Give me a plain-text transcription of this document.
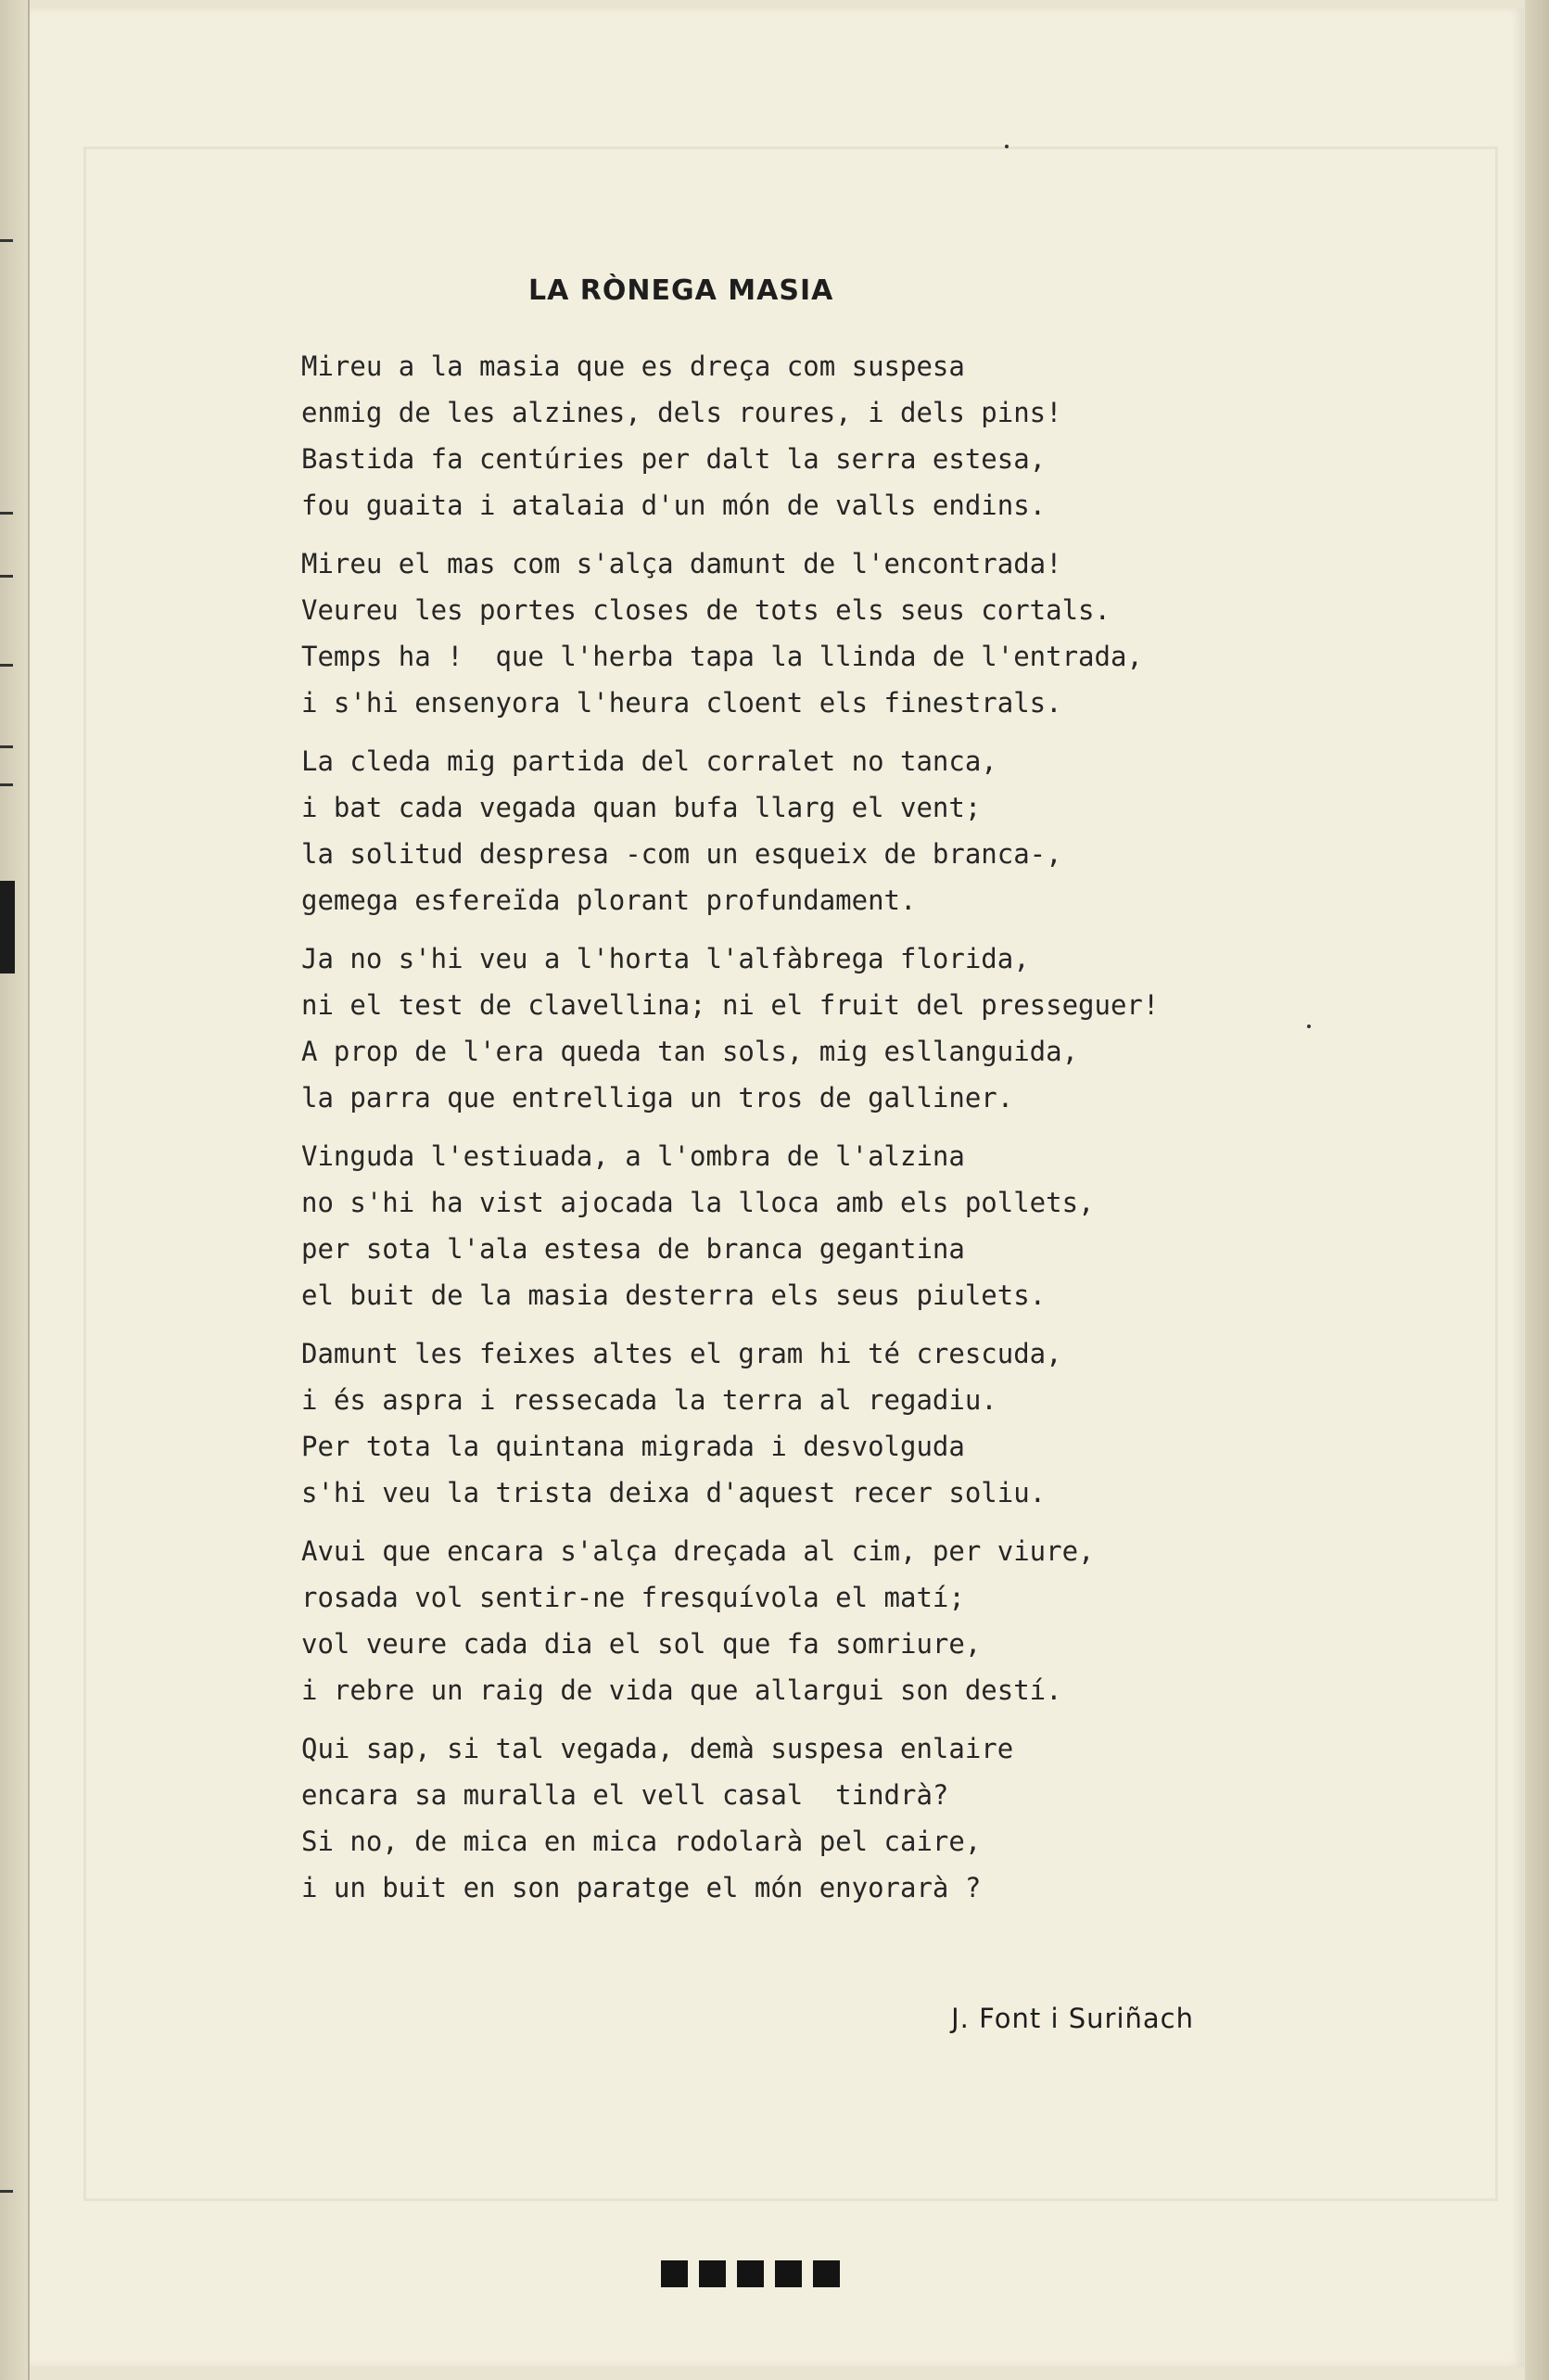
LA RÒNEGA MASIA
Mireu a la masia que es dreça com suspesa
enmig de les alzines, dels roures, i dels pins!
Bastida fa centúries per dalt la serra estesa,
fou guaita i atalaia d'un món de valls endins.
Mireu el mas com s'alça damunt de l'encontrada!
Veureu les portes closes de tots els seus cortals.
Temps ha !  que l'herba tapa la llinda de l'entrada,
i s'hi ensenyora l'heura cloent els finestrals.
La cleda mig partida del corralet no tanca,
i bat cada vegada quan bufa llarg el vent;
la solitud despresa -com un esqueix de branca-,
gemega esfereïda plorant profundament.
Ja no s'hi veu a l'horta l'alfàbrega florida,
ni el test de clavellina; ni el fruit del presseguer!
A prop de l'era queda tan sols, mig esllanguida,
la parra que entrelliga un tros de galliner.
Vinguda l'estiuada, a l'ombra de l'alzina
no s'hi ha vist ajocada la lloca amb els pollets,
per sota l'ala estesa de branca gegantina
el buit de la masia desterra els seus piulets.
Damunt les feixes altes el gram hi té crescuda,
i és aspra i ressecada la terra al regadiu.
Per tota la quintana migrada i desvolguda
s'hi veu la trista deixa d'aquest recer soliu.
Avui que encara s'alça dreçada al cim, per viure,
rosada vol sentir-ne fresquívola el matí;
vol veure cada dia el sol que fa somriure,
i rebre un raig de vida que allargui son destí.
Qui sap, si tal vegada, demà suspesa enlaire
encara sa muralla el vell casal  tindrà?
Si no, de mica en mica rodolarà pel caire,
i un buit en son paratge el món enyorarà ?

J. Font i Suriñach
